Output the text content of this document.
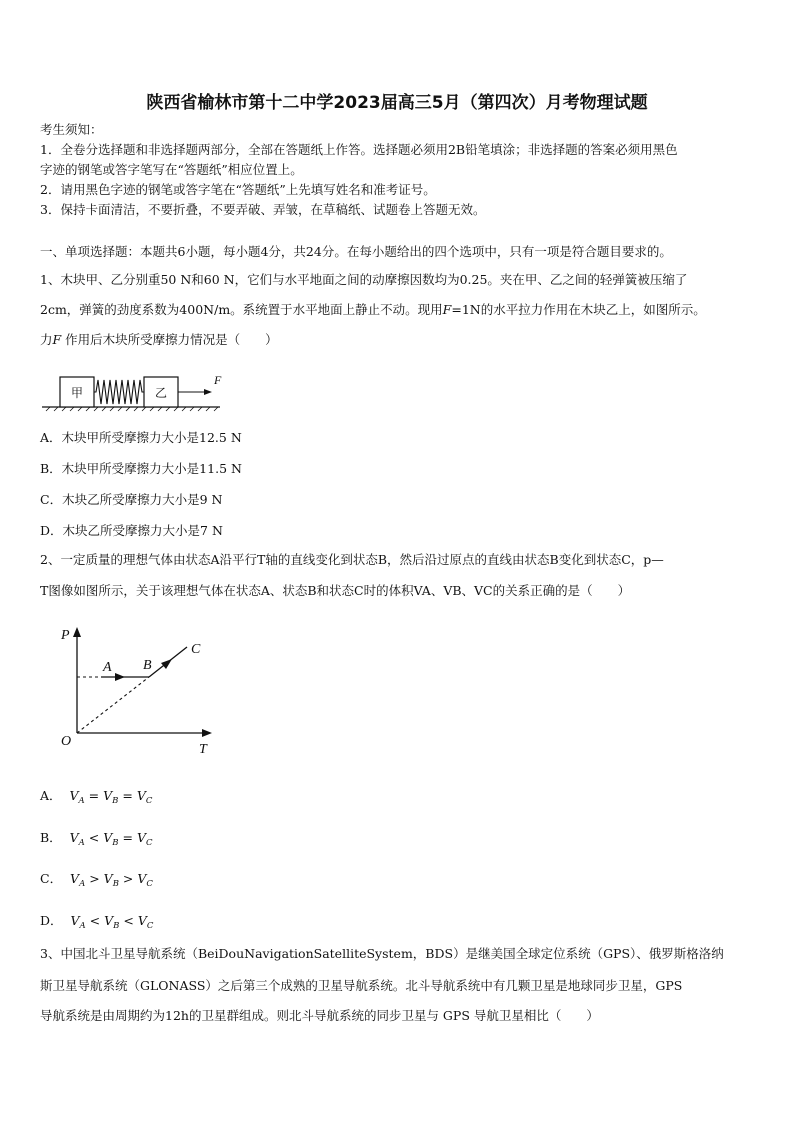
陕西省榆林市第十二中学2023届高三5月（第四次）月考物理试题
考生须知：
1．全卷分选择题和非选择题两部分，全部在答题纸上作答。选择题必须用2B铅笔填涂；非选择题的答案必须用黑色
字迹的钢笔或答字笔写在“答题纸”相应位置上。
2．请用黑色字迹的钢笔或答字笔在“答题纸”上先填写姓名和准考证号。
3．保持卡面清洁，不要折叠，不要弄破、弄皱，在草稿纸、试题卷上答题无效。
一、单项选择题：本题共6小题，每小题4分，共24分。在每小题给出的四个选项中，只有一项是符合题目要求的。
1、木块甲、乙分别重50 N和60 N，它们与水平地面之间的动摩擦因数均为0.25。夹在甲、乙之间的轻弹簧被压缩了
2cm，弹簧的劲度系数为400N/m。系统置于水平地面上静止不动。现用F=1N的水平拉力作用在木块乙上，如图所示。
力F 作用后木块所受摩擦力情况是（　　）
甲	乙
F
A．木块甲所受摩擦力大小是12.5 N
B．木块甲所受摩擦力大小是11.5 N
C．木块乙所受摩擦力大小是9 N
D．木块乙所受摩擦力大小是7 N
2、一定质量的理想气体由状态A沿平行T轴的直线变化到状态B，然后沿过原点的直线由状态B变化到状态C，p—
T图像如图所示，关于该理想气体在状态A、状态B和状态C时的体积VA、VB、VC的关系正确的是（　　）
P
T
O
A B
C
A． $V_A = V_B = V_C$
B． $V_A < V_B = V_C$
C． $V_A > V_B > V_C$
D． $V_A < V_B < V_C$
3、中国北斗卫星导航系统（BeiDouNavigationSatelliteSystem，BDS）是继美国全球定位系统（GPS）、俄罗斯格洛纳
斯卫星导航系统（GLONASS）之后第三个成熟的卫星导航系统。北斗导航系统中有几颗卫星是地球同步卫星，GPS
导航系统是由周期约为12h的卫星群组成。则北斗导航系统的同步卫星与 GPS 导航卫星相比（　　）
